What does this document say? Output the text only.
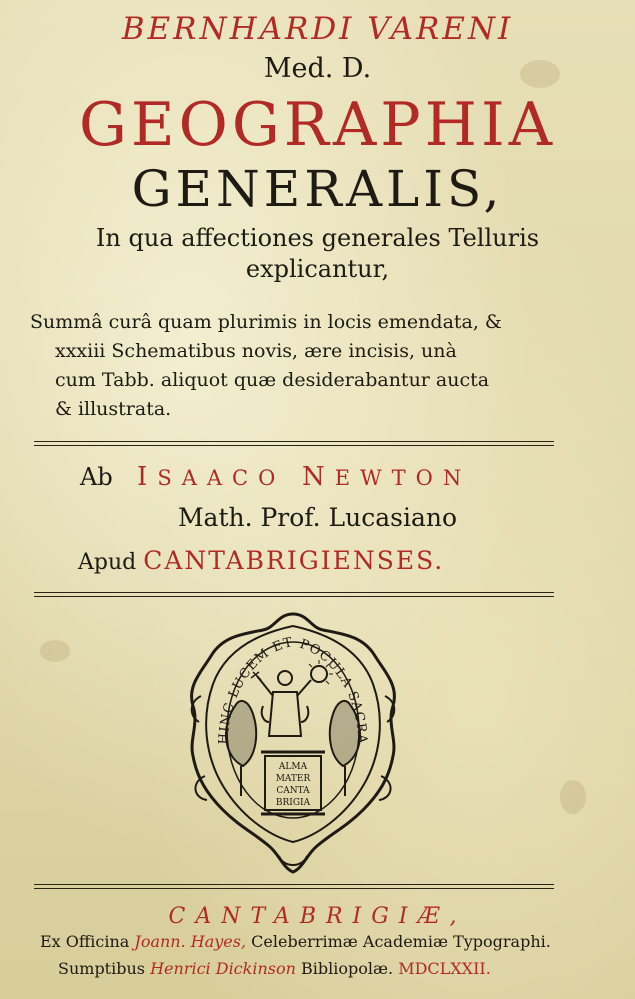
BERNHARDI VARENI
Med. D.
GEOGRAPHIA
GENERALIS,
In qua affectiones generales Telluris
explicantur,
Summâ curâ quam plurimis in locis emendata, &
xxxiii Schematibus novis, ære incisis, unà
cum Tabb. aliquot quæ desiderabantur aucta
& illustrata.
Ab ISAACO NEWTON
Math. Prof. Lucasiano
Apud CANTABRIGIENSES.
HINC LUCEM ET POCULA SACRA
ALMA
MATER
CANTA
BRIGIA
CANTABRIGIÆ,
Ex Officina Joann. Hayes, Celeberrimæ Academiæ Typographi.
Sumptibus Henrici Dickinson Bibliopolæ. MDCLXXII.
